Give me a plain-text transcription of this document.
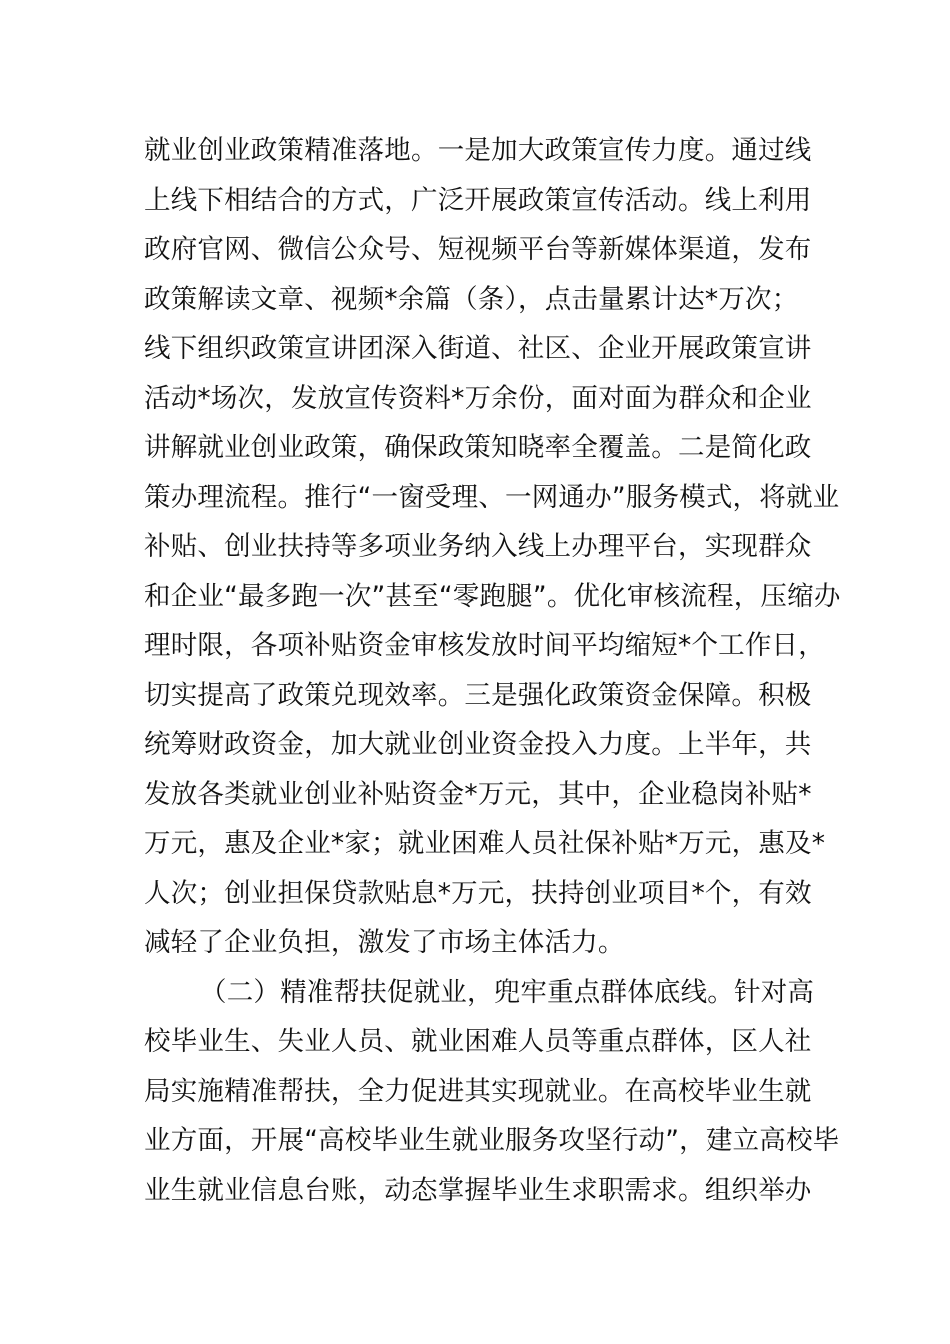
就业创业政策精准落地。一是加大政策宣传力度。通过线
上线下相结合的方式，广泛开展政策宣传活动。线上利用
政府官网、微信公众号、短视频平台等新媒体渠道，发布
政策解读文章、视频*余篇（条），点击量累计达*万次；
线下组织政策宣讲团深入街道、社区、企业开展政策宣讲
活动*场次，发放宣传资料*万余份，面对面为群众和企业
讲解就业创业政策，确保政策知晓率全覆盖。二是简化政
策办理流程。推行“一窗受理、一网通办”服务模式，将就业
补贴、创业扶持等多项业务纳入线上办理平台，实现群众
和企业“最多跑一次”甚至“零跑腿”。优化审核流程，压缩办
理时限，各项补贴资金审核发放时间平均缩短*个工作日，
切实提高了政策兑现效率。三是强化政策资金保障。积极
统筹财政资金，加大就业创业资金投入力度。上半年，共
发放各类就业创业补贴资金*万元，其中，企业稳岗补贴*
万元，惠及企业*家；就业困难人员社保补贴*万元，惠及*
人次；创业担保贷款贴息*万元，扶持创业项目*个，有效
减轻了企业负担，激发了市场主体活力。
（二）精准帮扶促就业，兜牢重点群体底线。针对高
校毕业生、失业人员、就业困难人员等重点群体，区人社
局实施精准帮扶，全力促进其实现就业。在高校毕业生就
业方面，开展“高校毕业生就业服务攻坚行动”，建立高校毕
业生就业信息台账，动态掌握毕业生求职需求。组织举办
